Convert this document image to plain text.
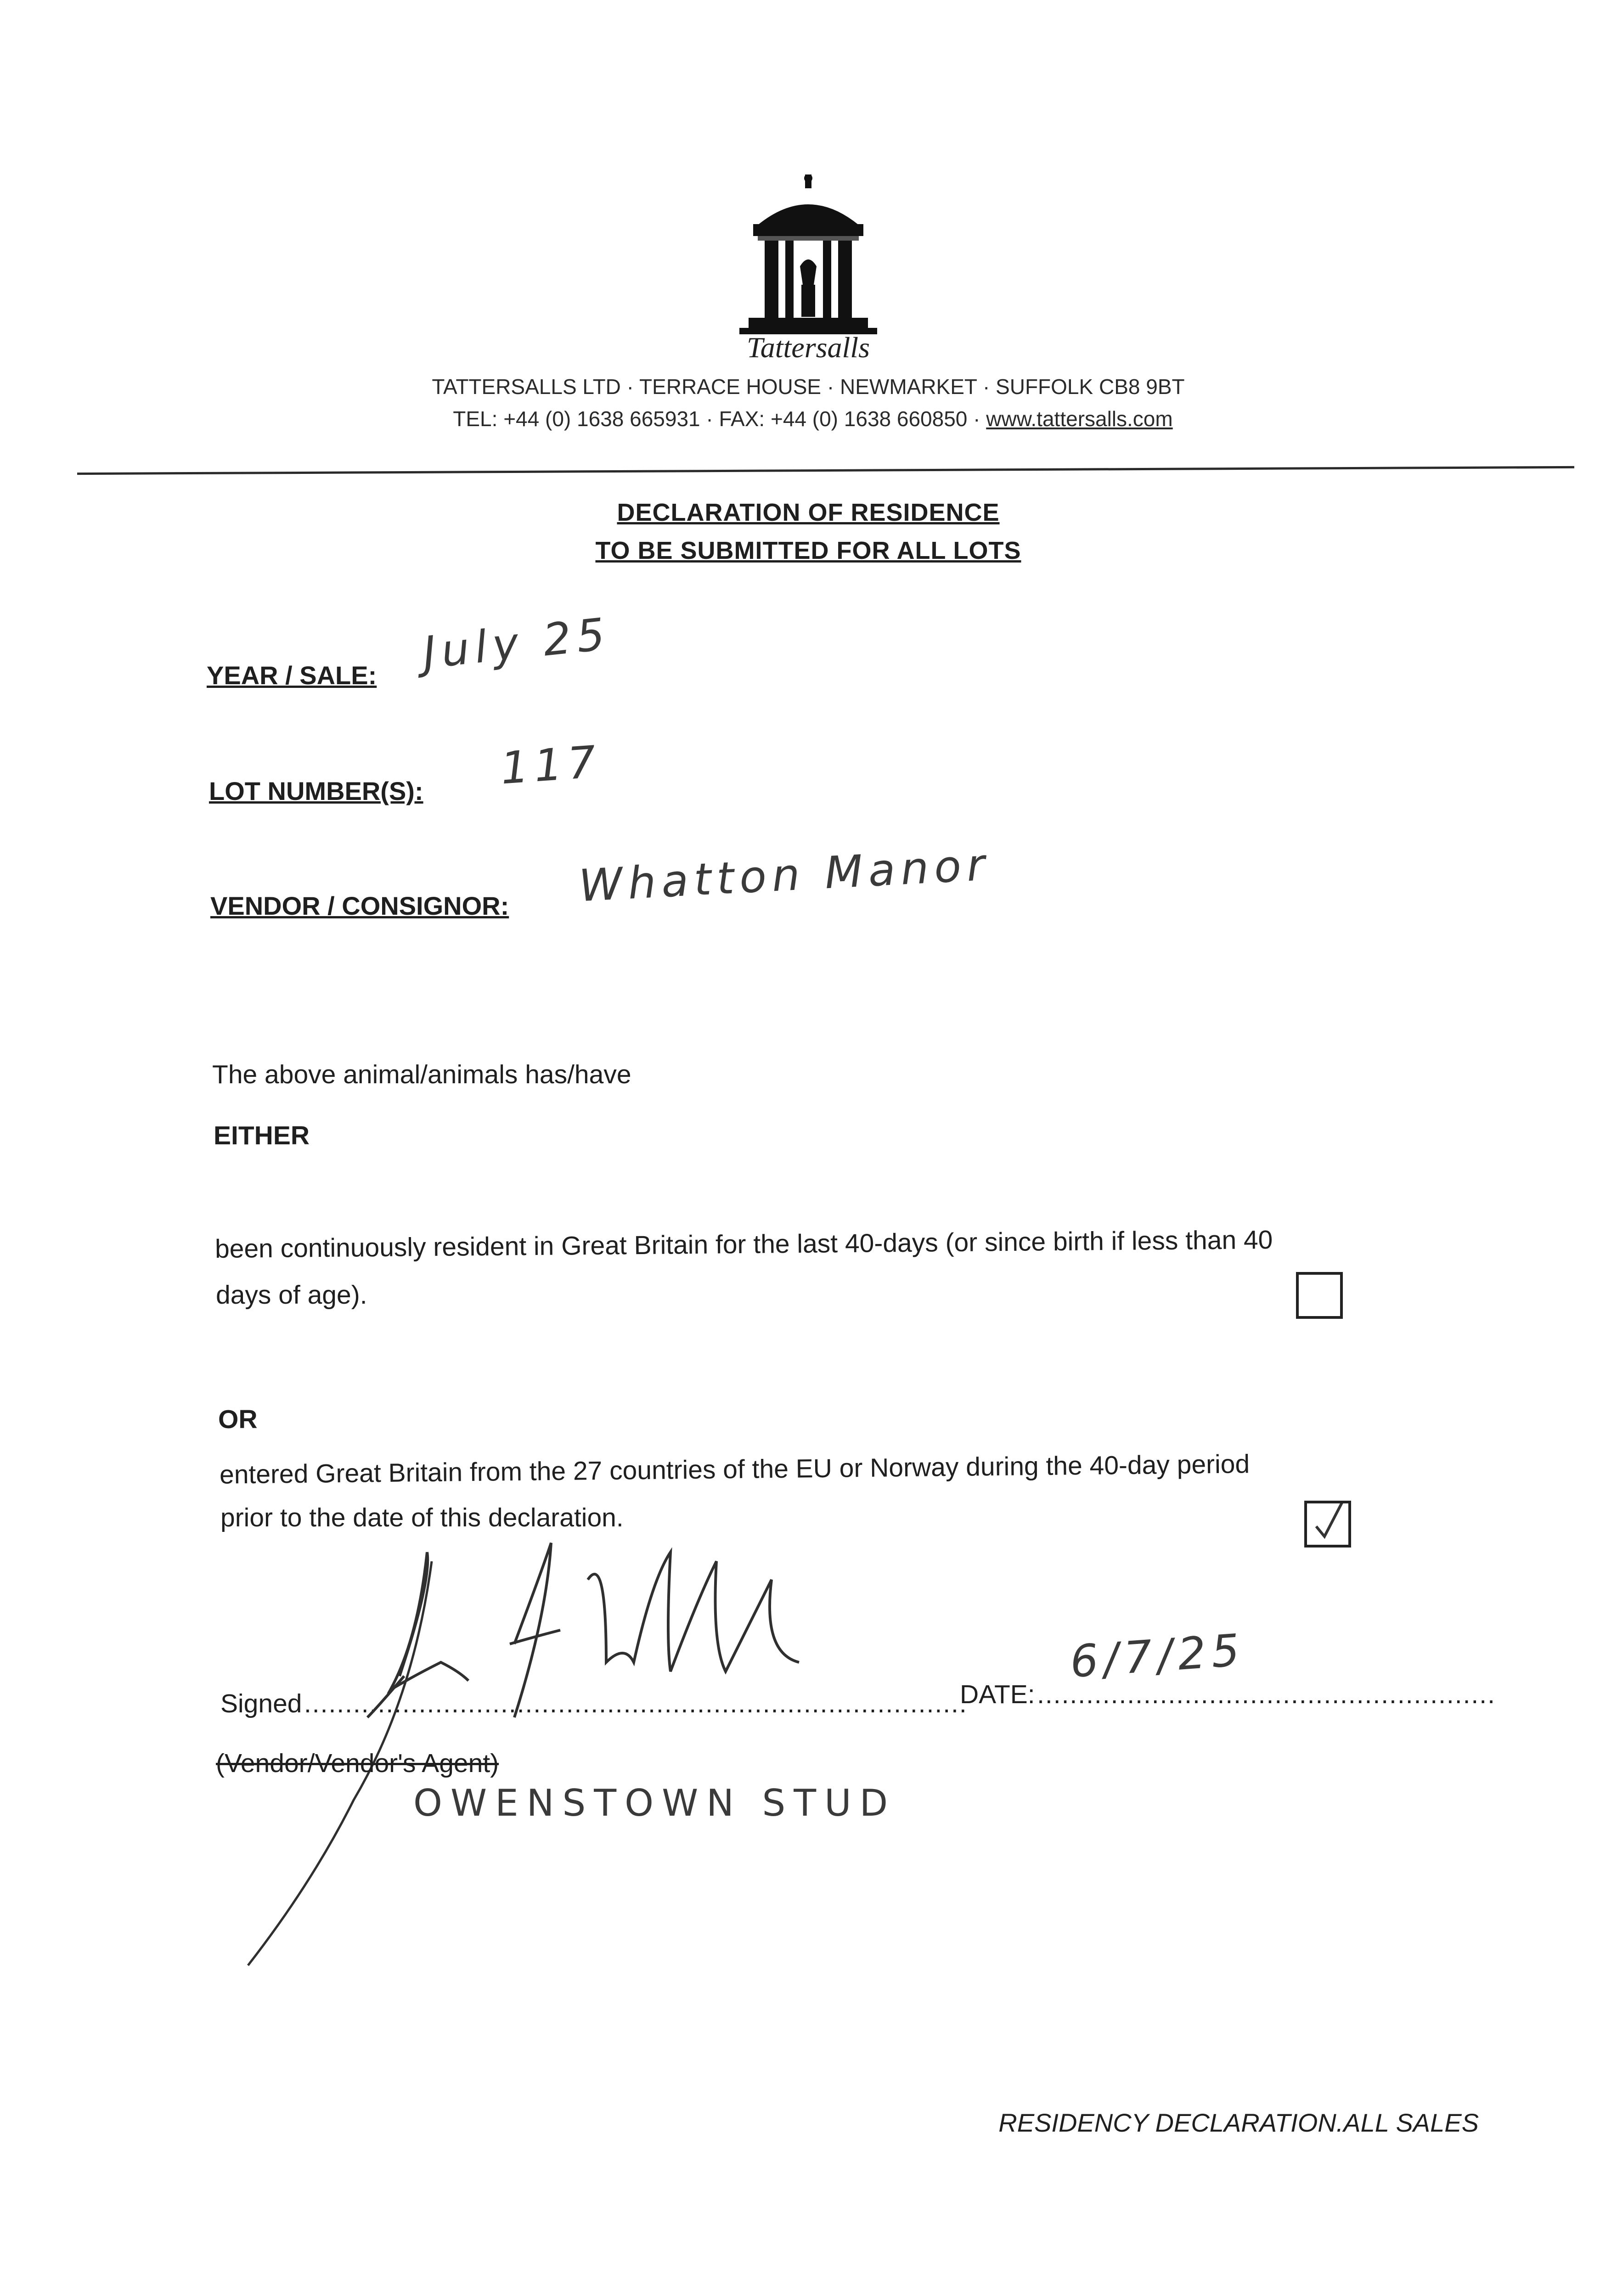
Tattersalls
TATTERSALLS LTD · TERRACE HOUSE · NEWMARKET · SUFFOLK CB8 9BT
TEL: +44 (0) 1638 665931 · FAX: +44 (0) 1638 660850 · www.tattersalls.com
DECLARATION OF RESIDENCE
TO BE SUBMITTED FOR ALL LOTS
YEAR / SALE: July 25
LOT NUMBER(S): 117
VENDOR / CONSIGNOR: Whatton Manor
The above animal/animals has/have
EITHER
been continuously resident in Great Britain for the last 40-days (or since birth if less than 40
days of age).
OR
entered Great Britain from the 27 countries of the EU or Norway during the 40-day period
prior to the date of this declaration.
Signed .................................................................................
DATE: ........................................................
6/7/25
(Vendor/Vendor's Agent)
OWENSTOWN STUD
RESIDENCY DECLARATION.ALL SALES
